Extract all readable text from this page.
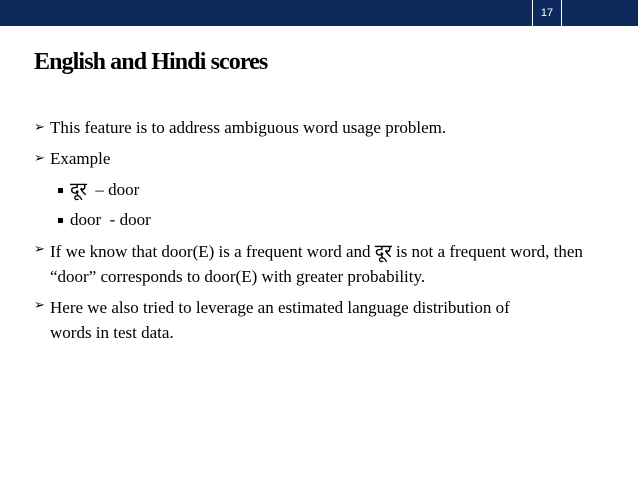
17
English and Hindi scores
➢ This feature is to address ambiguous word usage problem.
➢ Example
दूर – door
door  - door
➢ If we know that door(E) is a frequent word and दूर is not a frequent word, then “door” corresponds to door(E) with greater probability.
➢ Here we also tried to leverage an estimated language distribution of words in test data.
